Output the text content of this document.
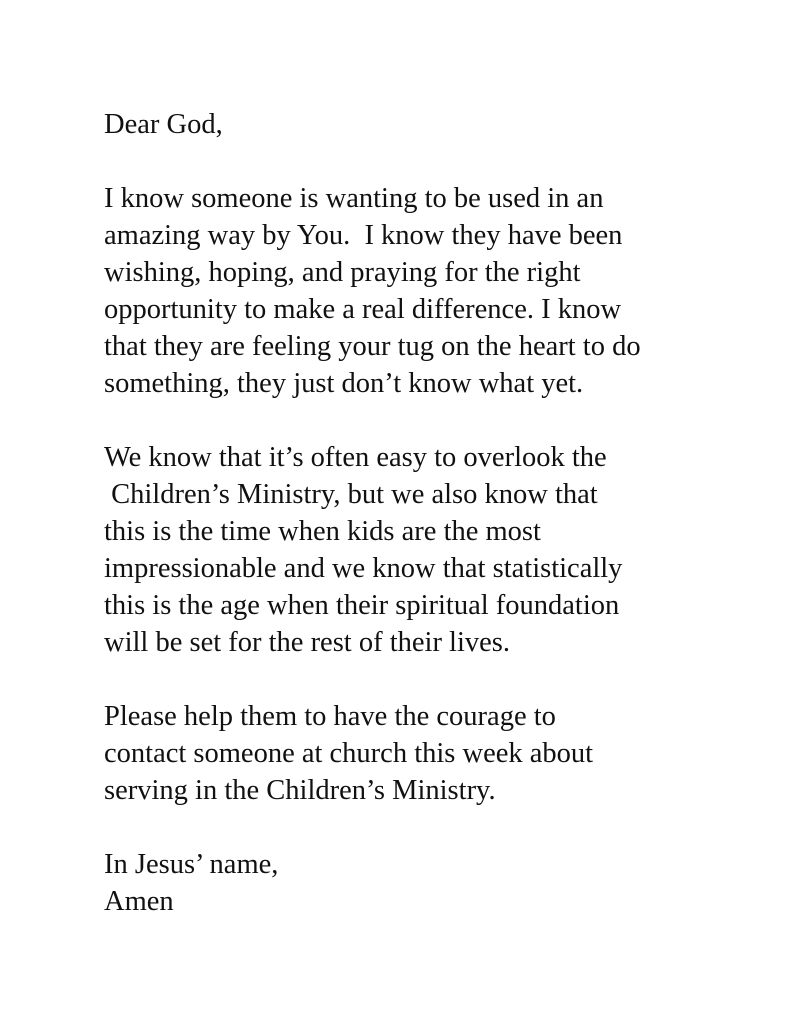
Dear God,
I know someone is wanting to be used in an
amazing way by You.  I know they have been
wishing, hoping, and praying for the right
opportunity to make a real difference. I know
that they are feeling your tug on the heart to do
something, they just don’t know what yet.
We know that it’s often easy to overlook the
Children’s Ministry, but we also know that
this is the time when kids are the most
impressionable and we know that statistically
this is the age when their spiritual foundation
will be set for the rest of their lives.
Please help them to have the courage to
contact someone at church this week about
serving in the Children’s Ministry.
In Jesus’ name,
Amen
